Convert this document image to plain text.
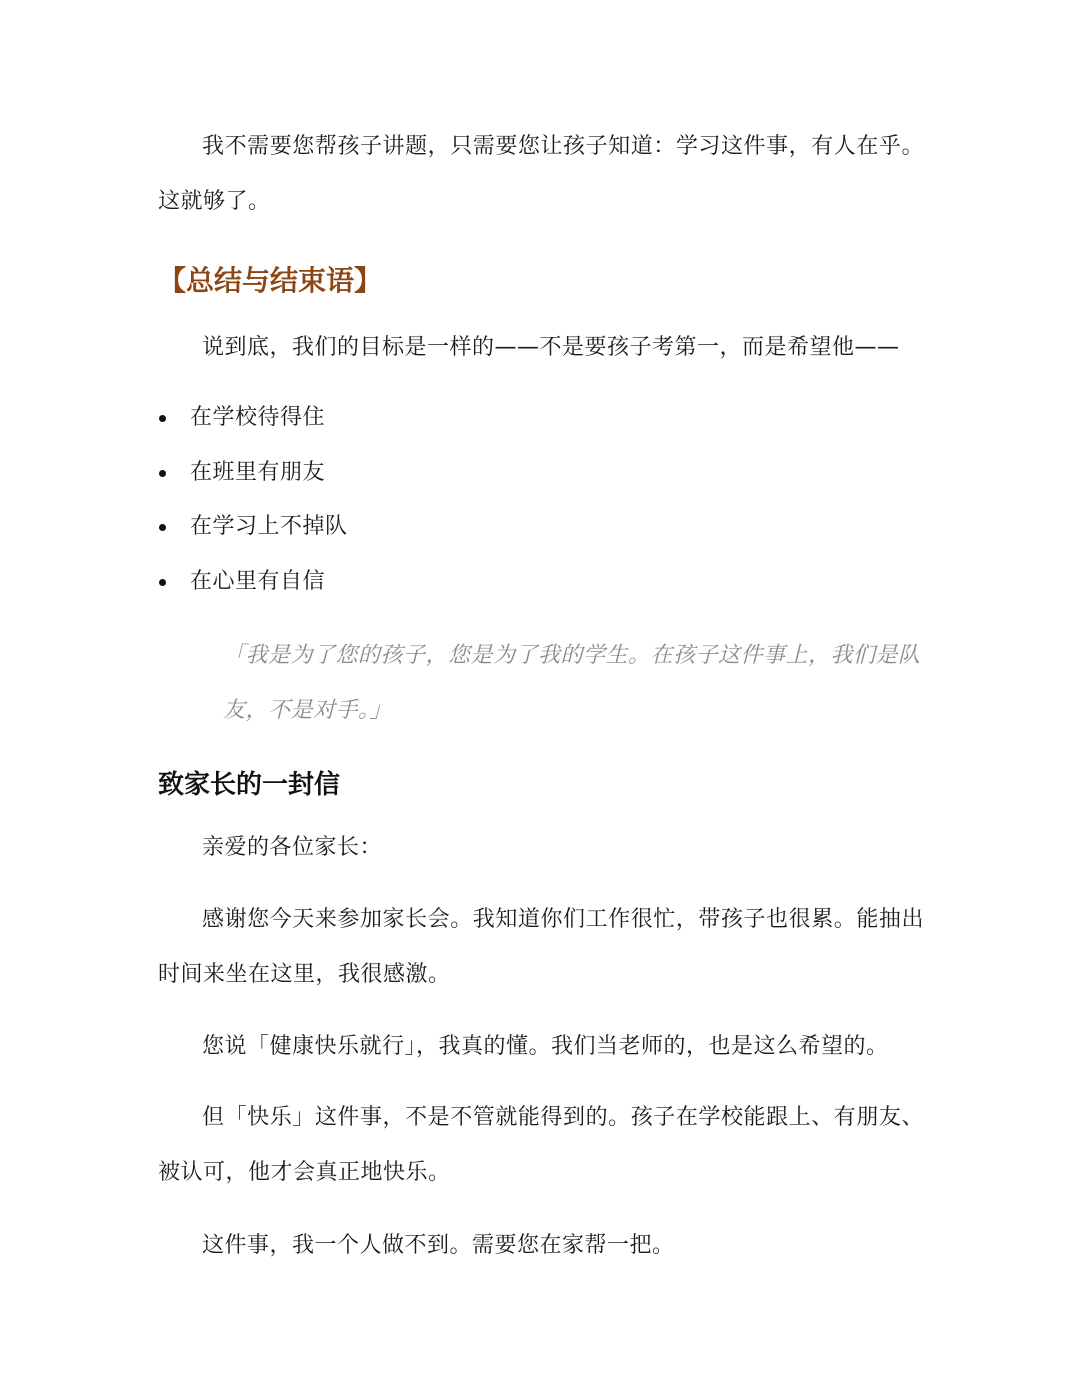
我不需要您帮孩子讲题，只需要您让孩子知道：学习这件事，有人在乎。这就够了。

【总结与结束语】

说到底，我们的目标是一样的——不是要孩子考第一，而是希望他——

在学校待得住
在班里有朋友
在学习上不掉队
在心里有自信

「我是为了您的孩子，您是为了我的学生。在孩子这件事上，我们是队友，不是对手。」

致家长的一封信

亲爱的各位家长：

感谢您今天来参加家长会。我知道你们工作很忙，带孩子也很累。能抽出时间来坐在这里，我很感激。

您说「健康快乐就行」，我真的懂。我们当老师的，也是这么希望的。

但「快乐」这件事，不是不管就能得到的。孩子在学校能跟上、有朋友、被认可，他才会真正地快乐。

这件事，我一个人做不到。需要您在家帮一把。
